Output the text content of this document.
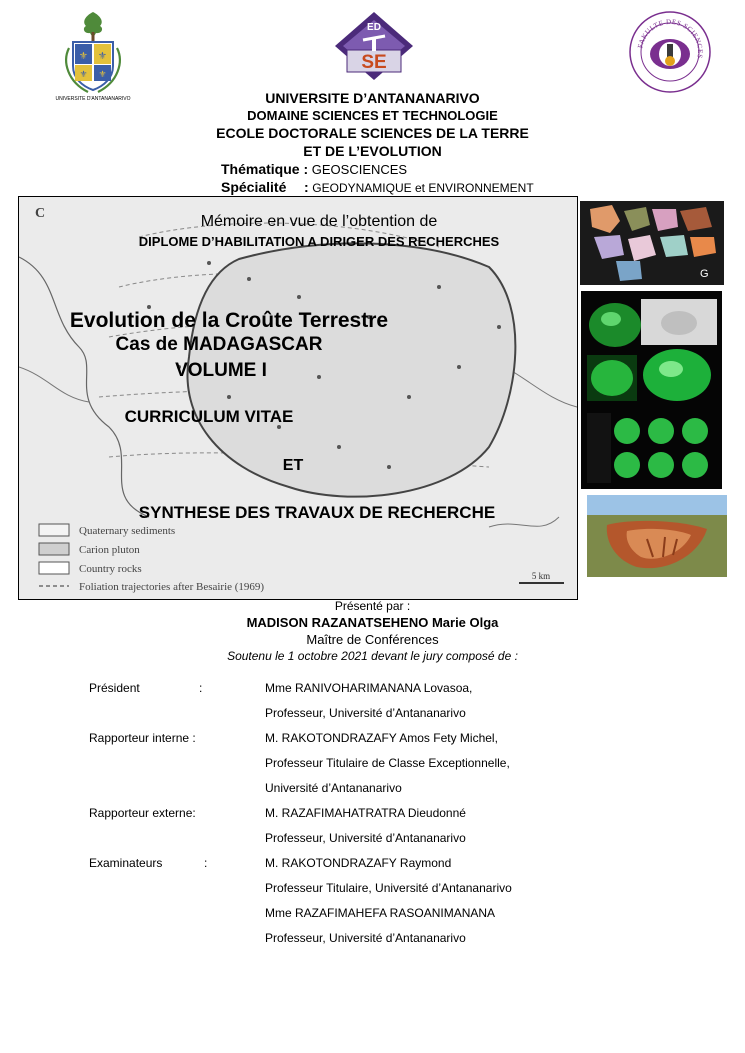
⚜ ⚜
⚜ ⚜
UNIVERSITE D'ANTANANARIVO
ED
SE
FAKULTE DES SCIENCES
UNIVERSITE D’ANTANANARIVO
DOMAINE SCIENCES ET TECHNOLOGIE
ECOLE DOCTORALE SCIENCES DE LA TERRE
ET DE L’EVOLUTION
Thématique : GEOSCIENCES
Spécialité : GEODYNAMIQUE et ENVIRONNEMENT
Quaternary sediments
Carion pluton
Country rocks
Foliation trajectories after Besairie (1969)
5 km
C	Mémoire en vue de l’obtention de
DIPLOME D’HABILITATION A DIRIGER DES RECHERCHES
Evolution de la Croûte Terrestre
Cas de MADAGASCAR
VOLUME I
CURRICULUM VITAE
ET
SYNTHESE DES TRAVAUX DE RECHERCHE
G
Présenté par :
MADISON RAZANATSEHENO Marie Olga
Maître de Conférences
Soutenu le 1 octobre 2021 devant le jury composé de :
Président	:	Mme RANIVOHARIMANANA Lovasoa,
Professeur, Université d’Antananarivo
Rapporteur interne :	M. RAKOTONDRAZAFY Amos Fety Michel,
Professeur Titulaire de Classe Exceptionnelle,
Université d’Antananarivo
Rapporteur externe:	M. RAZAFIMAHATRATRA Dieudonné
Professeur, Université d’Antananarivo
Examinateurs	:	M. RAKOTONDRAZAFY Raymond
Professeur Titulaire, Université d’Antananarivo
Mme RAZAFIMAHEFA RASOANIMANANA
Professeur, Université d’Antananarivo
